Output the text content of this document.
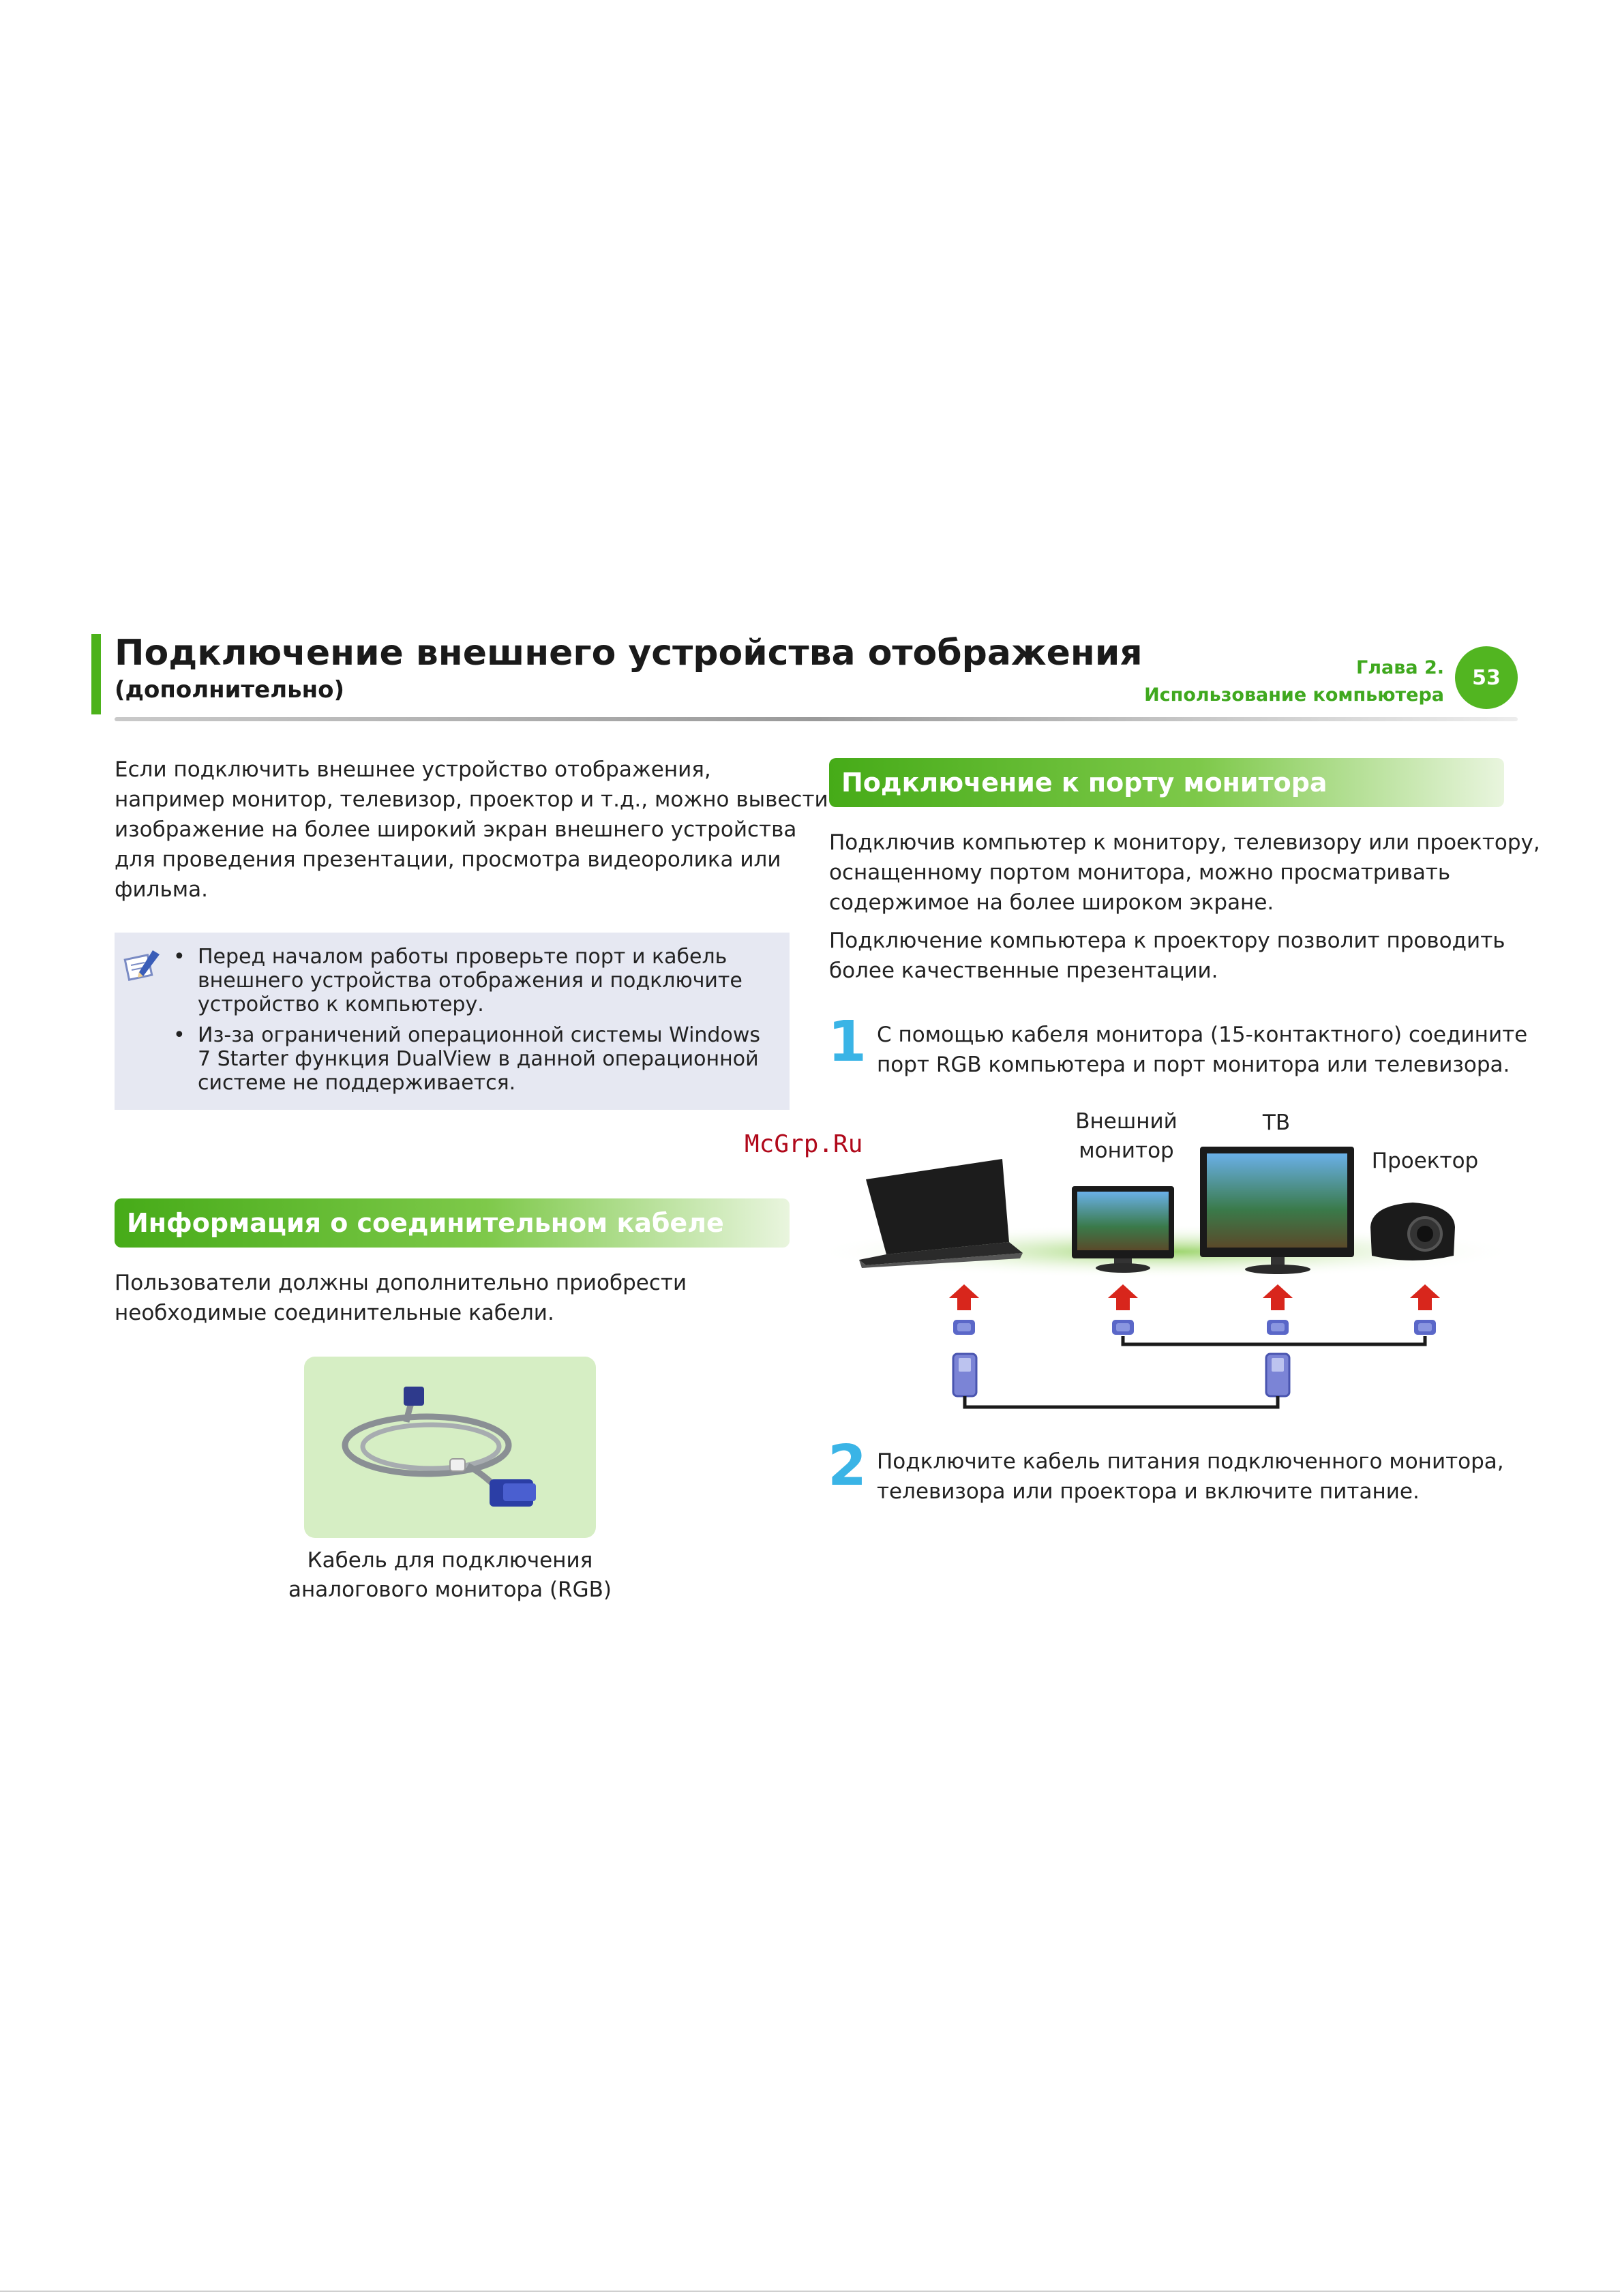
Подключение внешнего устройства отображения
(дополнительно)
Глава 2.
Использование компьютера
53
Если подключить внешнее устройство отображения,
например монитор, телевизор, проектор и т.д., можно вывести
изображение на более широкий экран внешнего устройства
для проведения презентации, просмотра видеоролика или
фильма.
• Перед началом работы проверьте порт и кабель
внешнего устройства отображения и подключите
устройство к компьютеру.
• Из-за ограничений операционной системы Windows
7 Starter функция DualView в данной операционной
системе не поддерживается.
Информация о соединительном кабеле
Пользователи должны дополнительно приобрести
необходимые соединительные кабели.
Кабель для подключения
аналогового монитора (RGB)
Подключение к порту монитора
Подключив компьютер к монитору, телевизору или проектору,
оснащенному портом монитора, можно просматривать
содержимое на более широком экране.
Подключение компьютера к проектору позволит проводить
более качественные презентации.
1 С помощью кабеля монитора (15-контактного) соедините
порт RGB компьютера и порт монитора или телевизора.
McGrp.Ru
Внешний
монитор
ТВ
Проектор
2 Подключите кабель питания подключенного монитора,
телевизора или проектора и включите питание.
